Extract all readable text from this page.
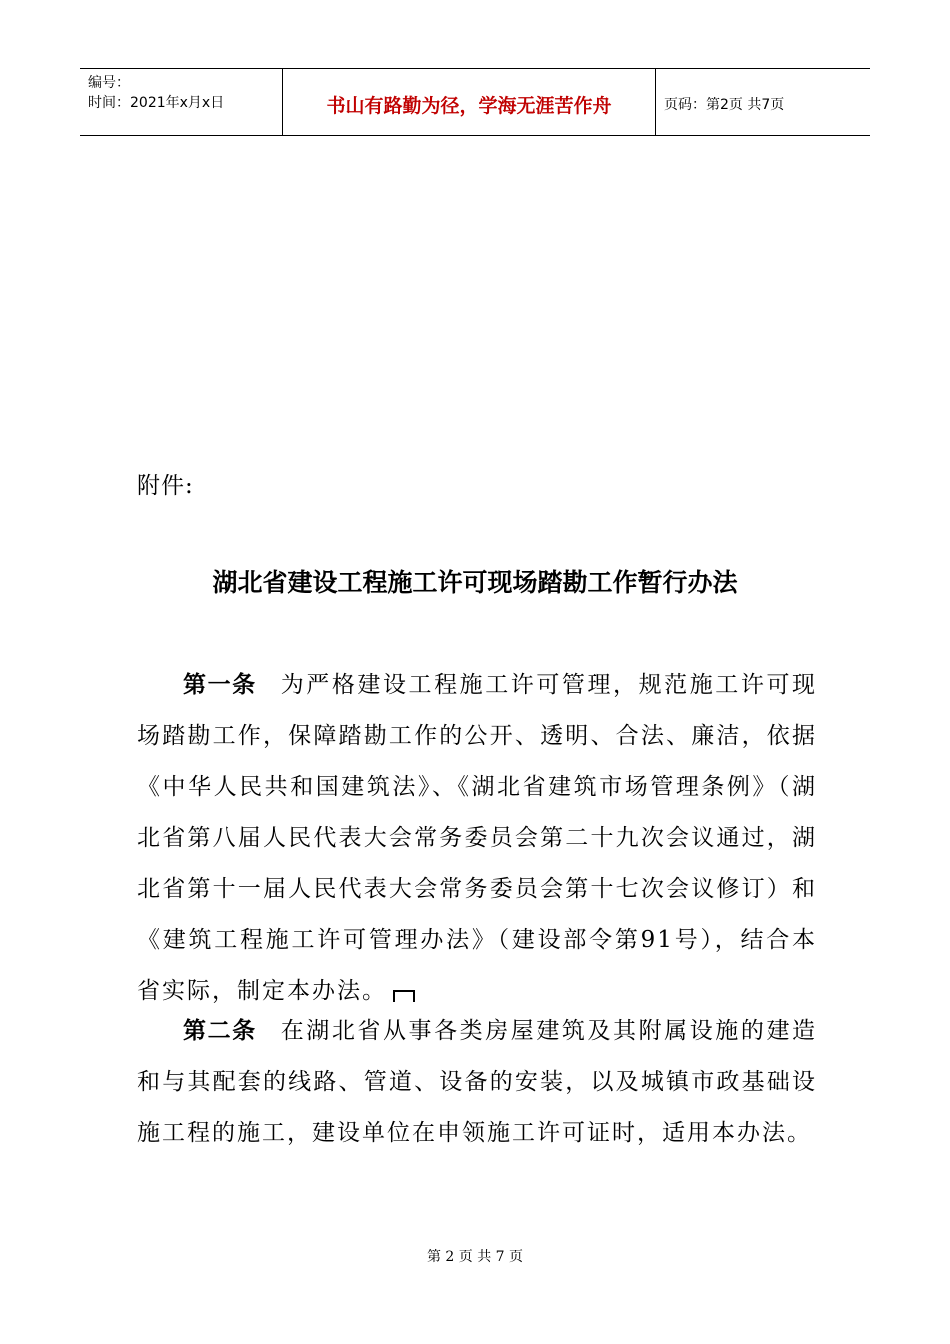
编号：
时间：2021年x月x日	书山有路勤为径，学海无涯苦作舟	页码：第2页 共7页
附件:
湖北省建设工程施工许可现场踏勘工作暂行办法
第一条 为严格建设工程施工许可管理，规范施工许可现场踏勘工作，保障踏勘工作的公开、透明、合法、廉洁，依据《中华人民共和国建筑法》、《湖北省建筑市场管理条例》（湖北省第八届人民代表大会常务委员会第二十九次会议通过，湖北省第十一届人民代表大会常务委员会第十七次会议修订）和《建筑工程施工许可管理办法》（建设部令第91号），结合本省实际，制定本办法。
第二条 在湖北省从事各类房屋建筑及其附属设施的建造和与其配套的线路、管道、设备的安装，以及城镇市政基础设施工程的施工，建设单位在申领施工许可证时，适用本办法。
第 2 页 共 7 页
